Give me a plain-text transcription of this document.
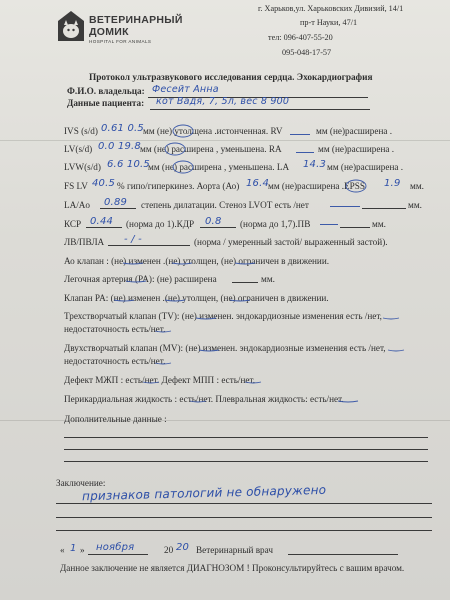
ВЕТЕРИНАРНЫЙ
ДОМИК
HOSPITAL FOR ANIMALS
г. Харьков,ул. Харьковских Дивизий, 14/1
пр-т Науки, 47/1
тел: 096-407-55-20
095-048-17-57
Протокол ультразвукового исследования сердца. Эхокардиография
Ф.И.О. владельца: Фесейт Анна
Данные пациента: кот Вадя, 7, 5л, вес 8 900
IVS (s/d) 0.61 0.5 мм (не) утолщена .истонченная. RV	мм (не)расширена .
LV(s/d) 0.0 19.8 мм (не) расширена , уменьшена. RA	мм (не)расширена .
LVW(s/d) 6.6 10.5
мм (не) расширена , уменьшена. LA 14.3 мм (не)расширена .
FS LV 40.5 % гипо/гиперкинез. Аорта (Ао) 16.4
мм (не)расширена .EPSS 1.9 мм.
LA/Ao 0.89 степень дилатации. Стеноз LVOT есть /нет	мм.
КСР 0.44 (норма до 1).КДР 0.8 (норма до 1,7).ПВ	мм.
ЛВ/ПВЛА - / -	(норма / умеренный застой/ выраженный застой).
Ао клапан : (не) изменен .(не) утолщен, (не) ограничен в движении.
Легочная артерия (PA): (не) расширена	мм.
Клапан PA: (не) изменен .(не) утолщен, (не) ограничен в движении.
Трехстворчатый клапан (TV): (не) изменен. эндокардиозные изменения есть /нет,
недостаточность есть/нет.
Двухстворчатый клапан (MV): (не) изменен. эндокардиозные изменения есть /нет,
недостаточность есть/нет.
Дефект МЖП : есть/нет. Дефект МПП : есть/нет.
Перикардиальная жидкость : есть/нет. Плевральная жидкость: есть/нет.
Дополнительные данные :
Заключение:
признаков патологий не обнаружено
« 1 » ноября	20 20 Ветеринарный врач
Данное заключение не является ДИАГНОЗОМ ! Проконсультируйтесь с вашим врачом.
